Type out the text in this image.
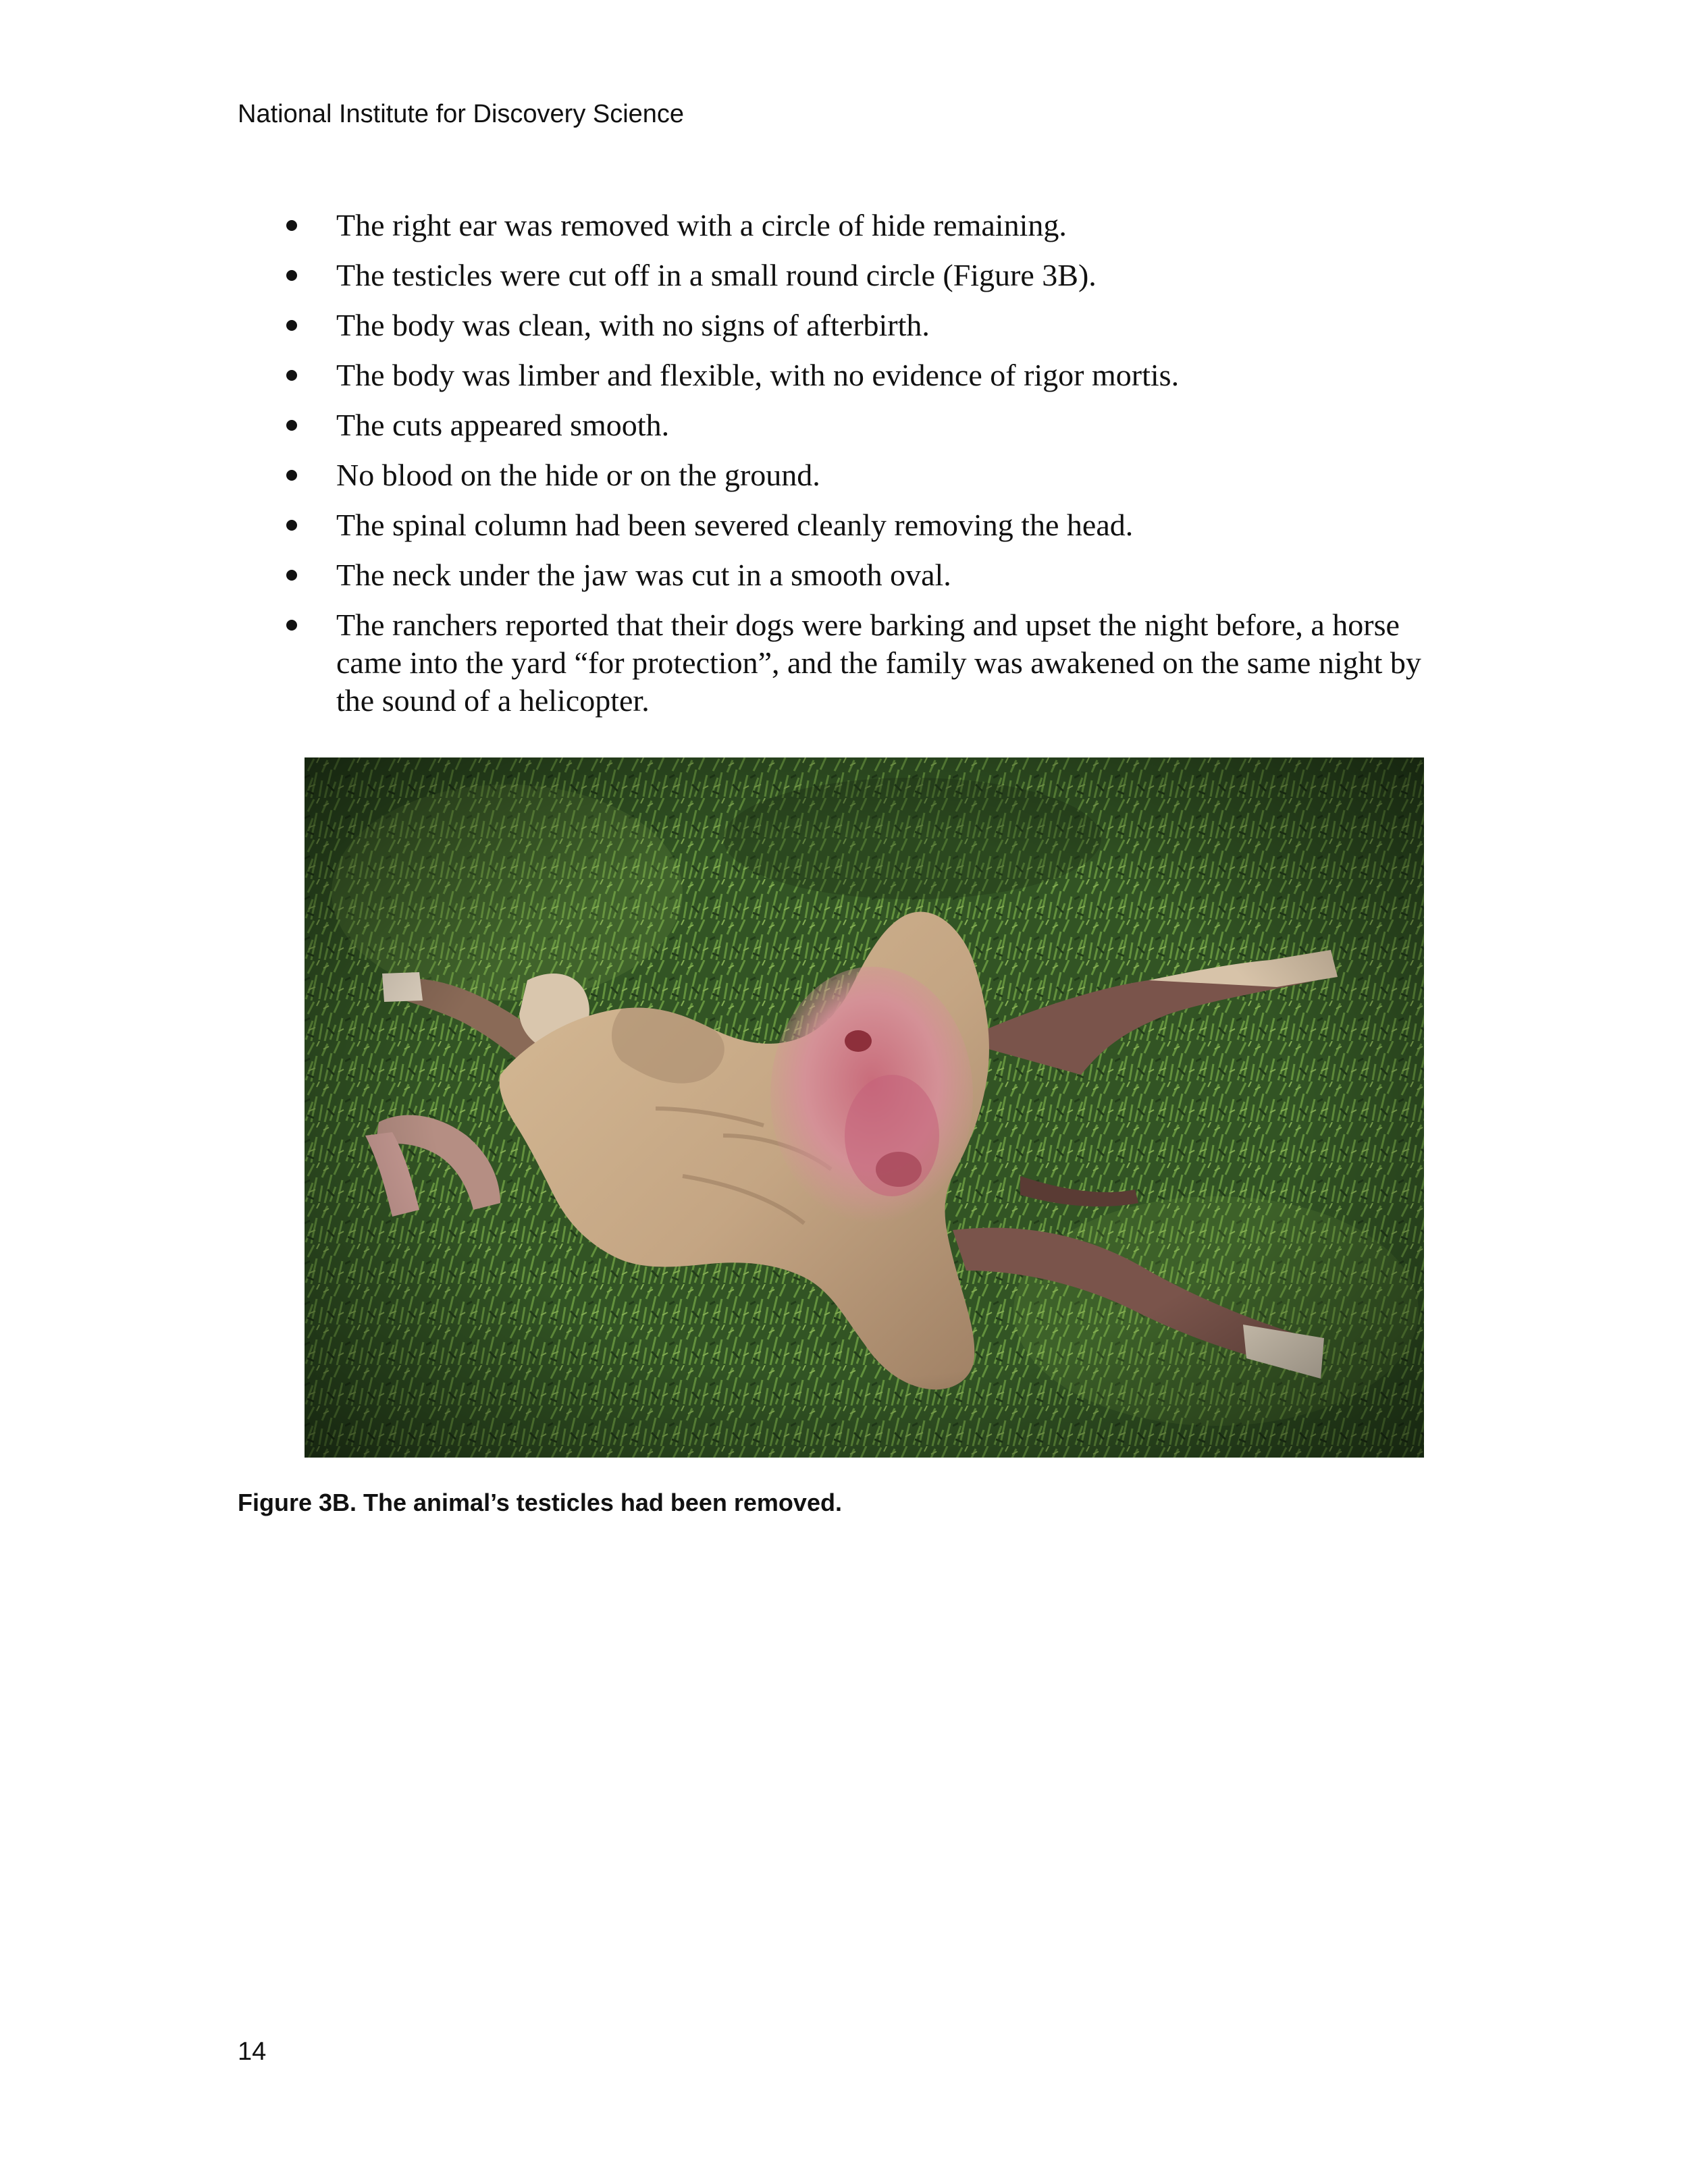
National Institute for Discovery Science
The right ear was removed with a circle of hide remaining.
The testicles were cut off in a small round circle (Figure 3B).
The body was clean, with no signs of afterbirth.
The body was limber and flexible, with no evidence of rigor mortis.
The cuts appeared smooth.
No blood on the hide or on the ground.
The spinal column had been severed cleanly removing the head.
The neck under the jaw was cut in a smooth oval.
The ranchers reported that their dogs were barking and upset the night before, a horse came into the yard “for protection”, and the family was awakened on the same night by the sound of a helicopter.
Figure 3B. The animal’s testicles had been removed.
14
